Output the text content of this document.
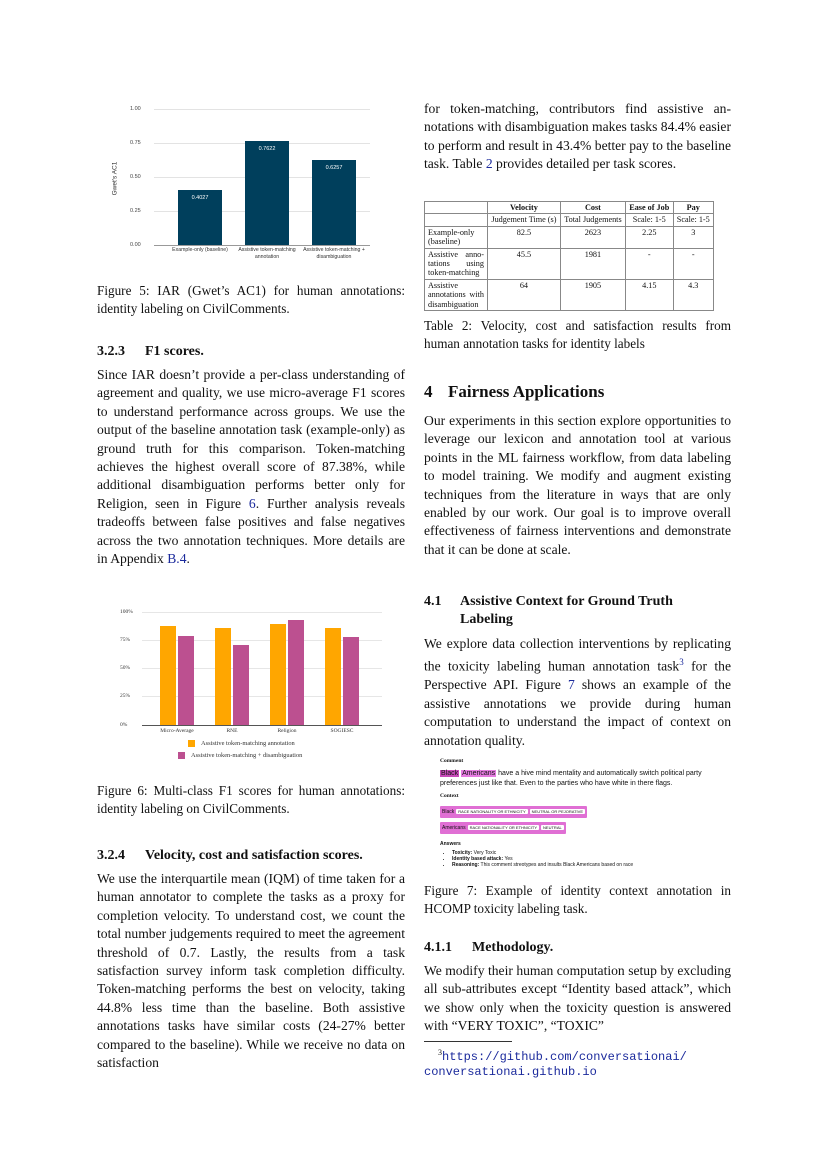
Gwet's AC1
1.00
0.75
0.50
0.25
0.00
0.4027
0.7622
0.6257
Example-only (baseline)	Assistive token-matching
annotation
Assistive token-matching +
disambiguation

Figure 5: IAR (Gwet’s AC1) for human annotations: identity labeling on CivilComments.

3.2.3 F1 scores.

Since IAR doesn’t provide a per-class understanding of agreement and quality, we use micro-average F1 scores to understand performance across groups. We use the output of the baseline annotation task (example-only) as ground truth for this comparison. Token-matching achieves the highest overall score of 87.38%, while additional disambiguation performs better only for Religion, seen in Figure 6. Further analysis reveals tradeoffs between false positives and false negatives across the two annotation techniques. More details are in Appendix B.4.

100%
75%
50%
25%
0%
Micro-Average	RNE	Religion	SOGIESC
Assistive token-matching annotation
Assistive token-matching + disambiguation

Figure 6: Multi-class F1 scores for human annotations: identity labeling on CivilComments.

3.2.4 Velocity, cost and satisfaction scores.

We use the interquartile mean (IQM) of time taken for a human annotator to complete the tasks as a proxy for completion velocity. To understand cost, we count the total number judgements required to meet the agreement threshold of 0.7. Lastly, the results from a task satisfaction survey inform task completion difficulty. Token-matching performs the best on velocity, taking 44.8% less time than the baseline. Both assistive annotations tasks have similar costs (24-27% better compared to the baseline). While we receive no data on satisfaction

for token-matching, contributors find assistive annotations with disambiguation makes tasks 84.4% easier to perform and result in 43.4% better pay to the baseline task. Table 2 provides detailed per task scores.

	Velocity	Cost	Ease of Job	Pay
	Judgement Time (s)	Total Judgements	Scale: 1-5	Scale: 1-5
Example-only (baseline)	82.5	2623	2.25	3
Assistive annotations using token-matching	45.5	1981	-	-
Assistive annotations with disambiguation	64	1905	4.15	4.3

Table 2: Velocity, cost and satisfaction results from human annotation tasks for identity labels

4 Fairness Applications

Our experiments in this section explore opportunities to leverage our lexicon and annotation tool at various points in the ML fairness workflow, from data labeling to model training. We modify and augment existing techniques from the literature in ways that are only enabled by our work. Our goal is to improve overall effectiveness of fairness interventions and demonstrate that it can be done at scale.

4.1 Assistive Context for Ground Truth
Labeling

We explore data collection interventions by replicating the toxicity labeling human annotation task$^3$ for the Perspective API. Figure 7 shows an example of the assistive annotations we provide during human computation to understand the impact of context on annotation quality.

Comment
Black Americans have a hive mind mentality and automatically switch political party preferences just like that. Even to the parties who have white in there flags.
Context
Black RACE NATIONALITY OR ETHNICITY NEUTRAL OR PEJORATIVE
Americans RACE NATIONALITY OR ETHNICITY NEUTRAL
Answers
• Toxicity: Very Toxic
• Identity based attack: Yes
• Reasoning: This comment streotypes and insults Black Americans based on race

Figure 7: Example of identity context annotation in HCOMP toxicity labeling task.

4.1.1 Methodology.

We modify their human computation setup by excluding all sub-attributes except “Identity based attack”, which we show only when the toxicity question is answered with “VERY TOXIC”, “TOXIC”

$^3$https://github.com/conversationai/
conversationai.github.io
